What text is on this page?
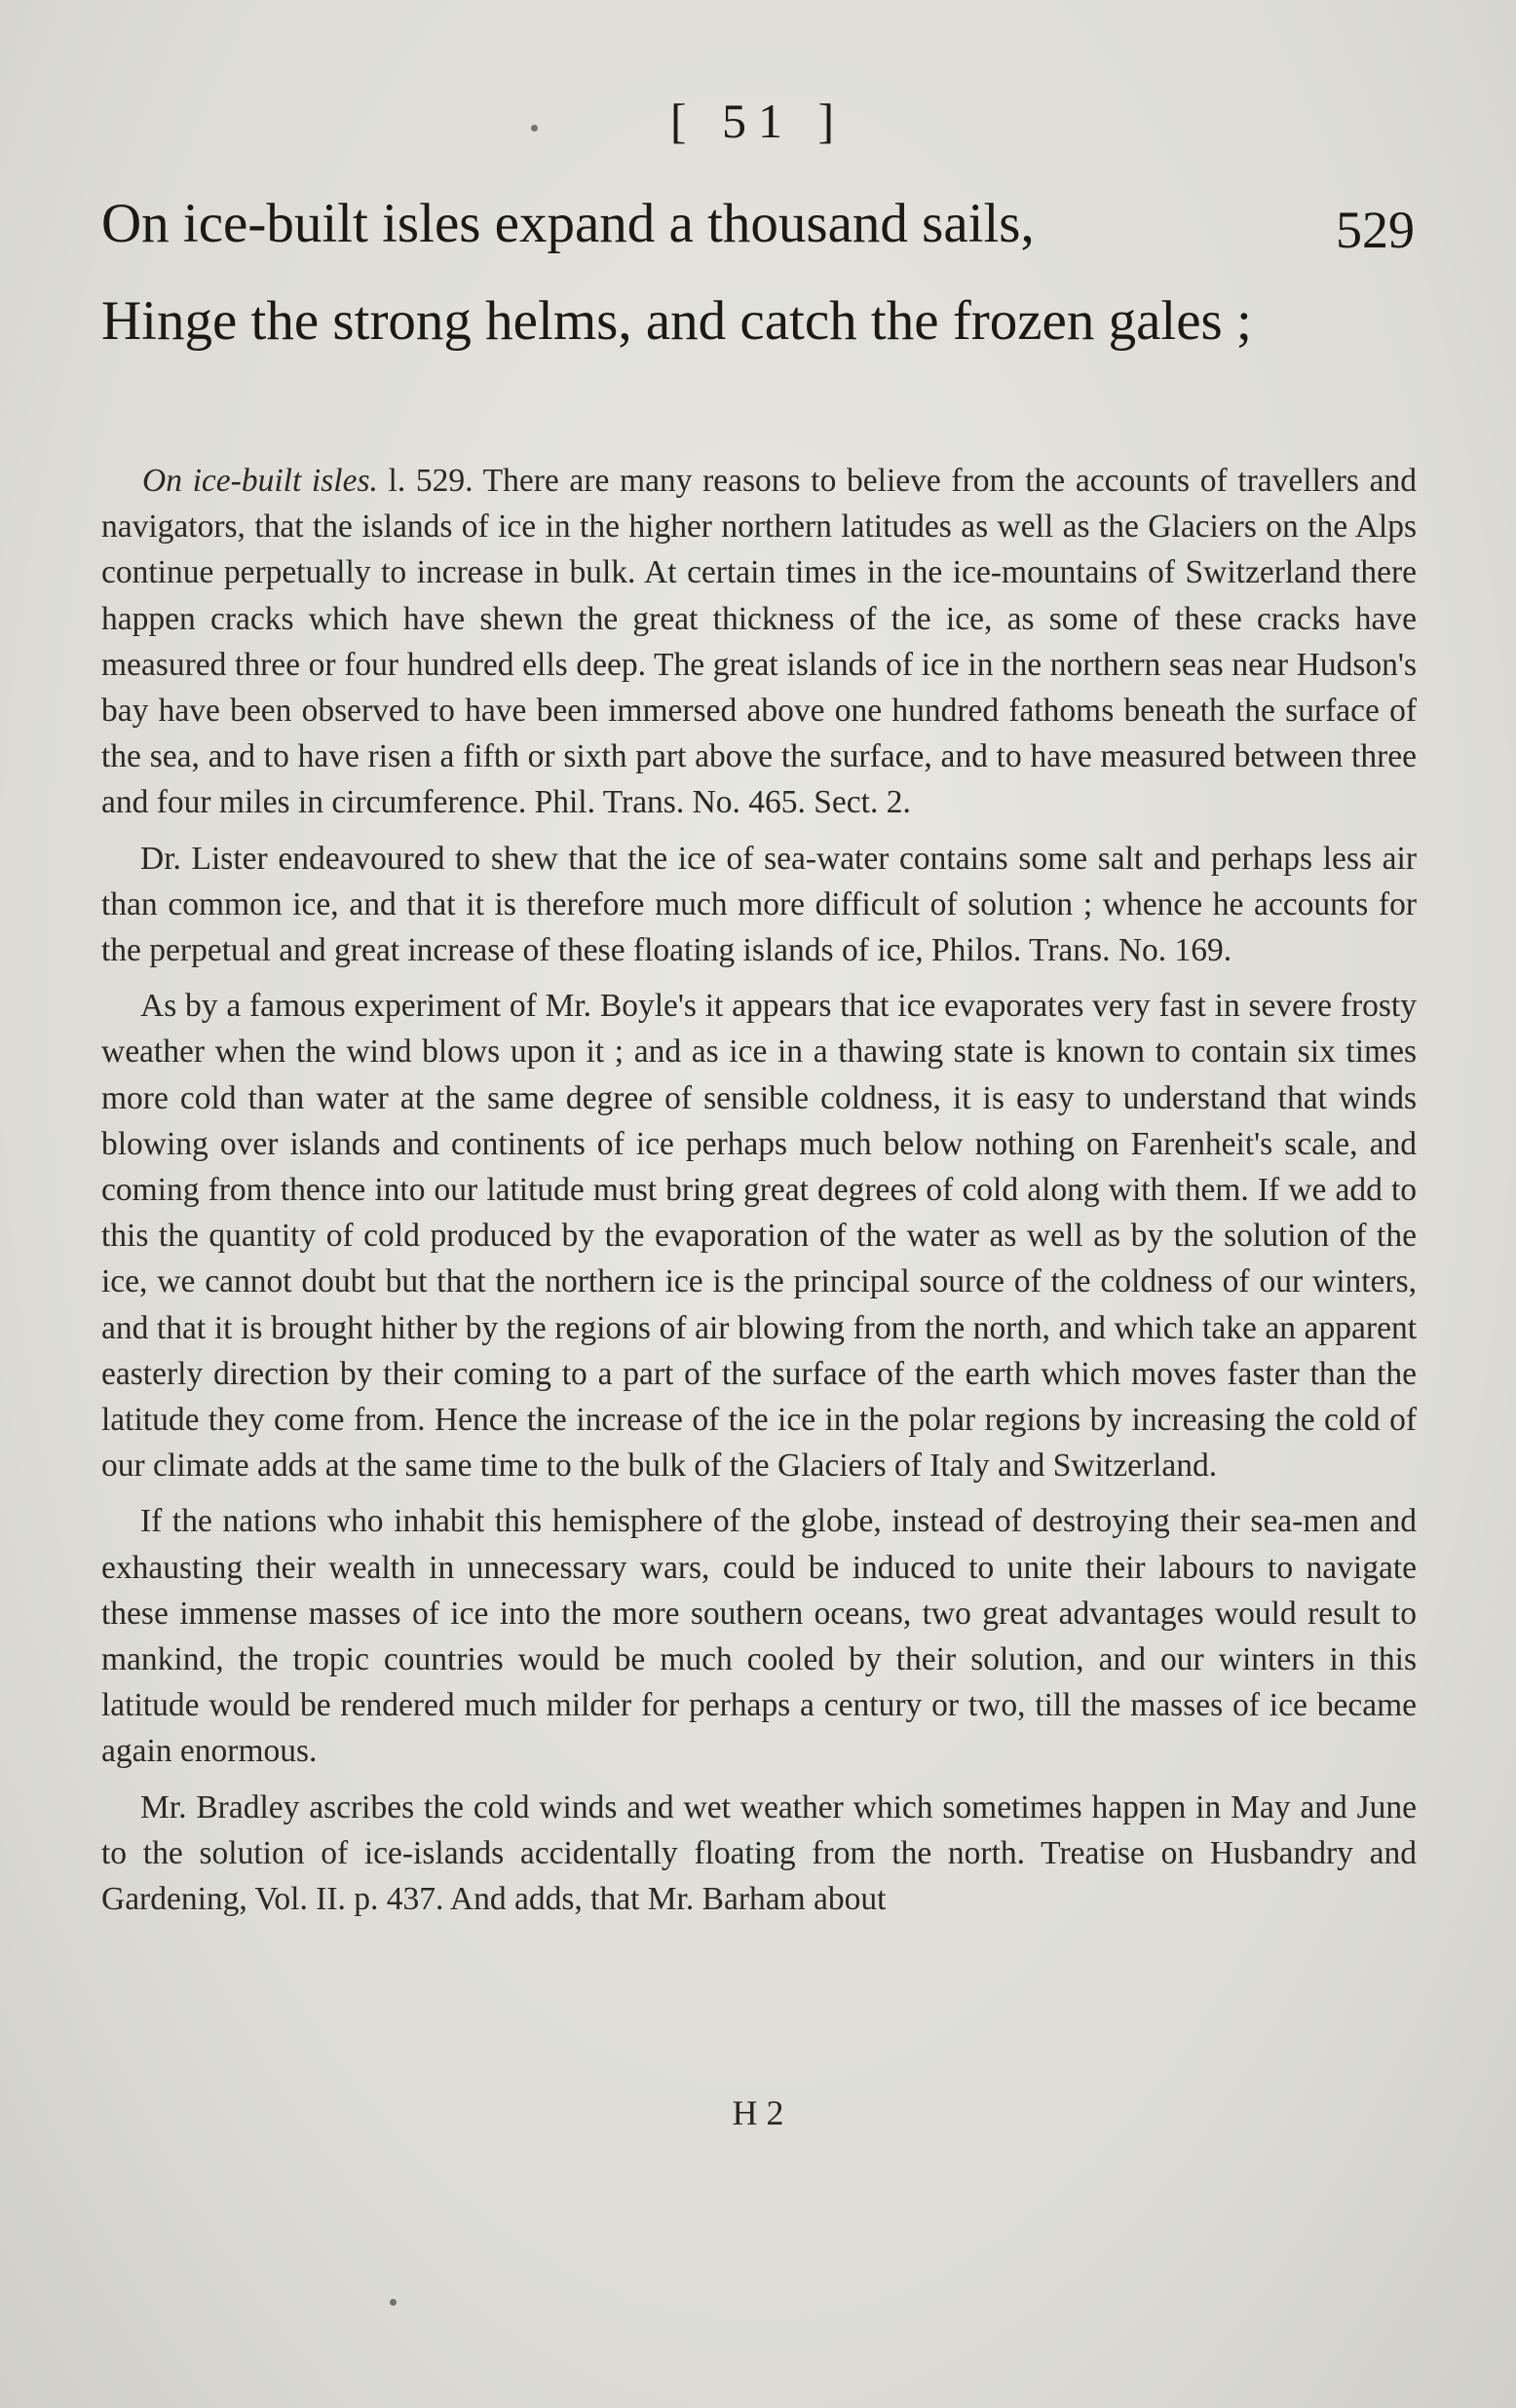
[ 51 ]
529
On ice-built isles expand a thousand sails,
Hinge the strong helms, and catch the frozen gales ;

On ice-built isles. l. 529. There are many reasons to believe from the accounts of travellers and navigators, that the islands of ice in the higher northern latitudes as well as the Glaciers on the Alps continue perpetually to increase in bulk. At certain times in the ice-mountains of Switzerland there happen cracks which have shewn the great thickness of the ice, as some of these cracks have measured three or four hundred ells deep. The great islands of ice in the northern seas near Hudson's bay have been observed to have been immersed above one hundred fathoms beneath the surface of the sea, and to have risen a fifth or sixth part above the surface, and to have measured between three and four miles in circumference. Phil. Trans. No. 465. Sect. 2.

Dr. Lister endeavoured to shew that the ice of sea-water contains some salt and perhaps less air than common ice, and that it is therefore much more difficult of solution ; whence he accounts for the perpetual and great increase of these floating islands of ice, Philos. Trans. No. 169.

As by a famous experiment of Mr. Boyle's it appears that ice evaporates very fast in severe frosty weather when the wind blows upon it ; and as ice in a thawing state is known to contain six times more cold than water at the same degree of sensible coldness, it is easy to understand that winds blowing over islands and continents of ice perhaps much below nothing on Farenheit's scale, and coming from thence into our latitude must bring great degrees of cold along with them. If we add to this the quantity of cold produced by the evaporation of the water as well as by the solution of the ice, we cannot doubt but that the northern ice is the principal source of the coldness of our winters, and that it is brought hither by the regions of air blowing from the north, and which take an apparent easterly direction by their coming to a part of the surface of the earth which moves faster than the latitude they come from. Hence the increase of the ice in the polar regions by increasing the cold of our climate adds at the same time to the bulk of the Glaciers of Italy and Switzerland.

If the nations who inhabit this hemisphere of the globe, instead of destroying their sea-men and exhausting their wealth in unnecessary wars, could be induced to unite their labours to navigate these immense masses of ice into the more southern oceans, two great advantages would result to mankind, the tropic countries would be much cooled by their solution, and our winters in this latitude would be rendered much milder for perhaps a century or two, till the masses of ice became again enormous.

Mr. Bradley ascribes the cold winds and wet weather which sometimes happen in May and June to the solution of ice-islands accidentally floating from the north. Treatise on Husbandry and Gardening, Vol. II. p. 437. And adds, that Mr. Barham about

H 2
